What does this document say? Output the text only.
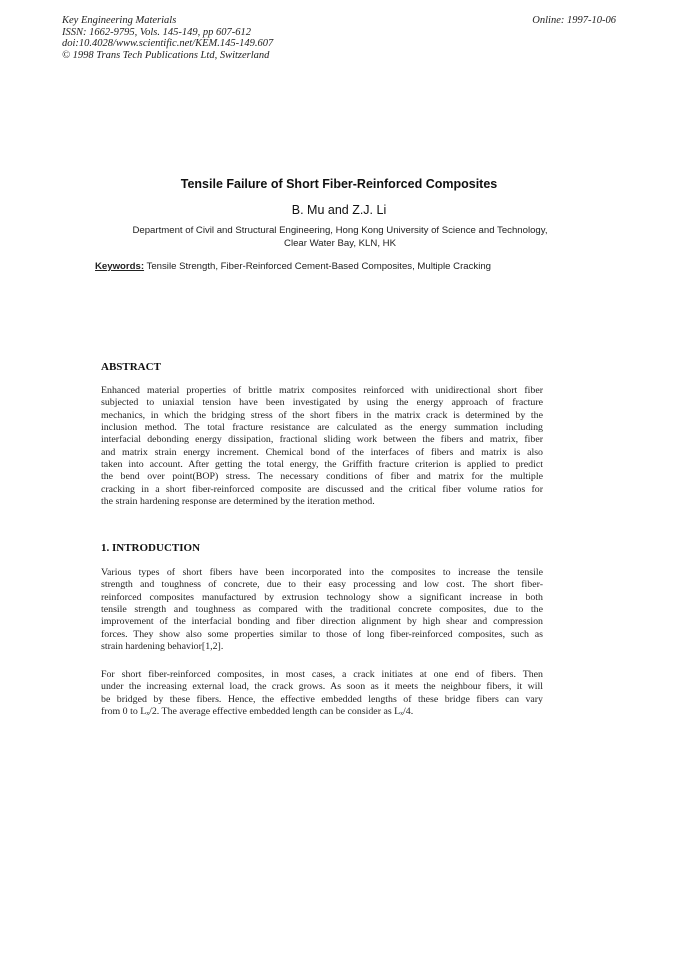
Key Engineering Materials
ISSN: 1662-9795, Vols. 145-149, pp 607-612
doi:10.4028/www.scientific.net/KEM.145-149.607
© 1998 Trans Tech Publications Ltd, Switzerland
Online: 1997-10-06
Tensile Failure of Short Fiber-Reinforced Composites
B. Mu and Z.J. Li
Department of Civil and Structural Engineering, Hong Kong University of Science and Technology,
Clear Water Bay, KLN, HK
Keywords: Tensile Strength, Fiber-Reinforced Cement-Based Composites, Multiple Cracking
ABSTRACT
Enhanced material properties of brittle matrix composites reinforced with unidirectional short fiber
subjected to uniaxial tension have been investigated by using the energy approach of fracture
mechanics, in which the bridging stress of the short fibers in the matrix crack is determined by the
inclusion method. The total fracture resistance are calculated as the energy summation including
interfacial debonding energy dissipation, fractional sliding work between the fibers and matrix, fiber
and matrix strain energy increment. Chemical bond of the interfaces of fibers and matrix is also
taken into account. After getting the total energy, the Griffith fracture criterion is applied to predict
the bend over point(BOP) stress. The necessary conditions of fiber and matrix for the multiple
cracking in a short fiber-reinforced composite are discussed and the critical fiber volume ratios for
the strain hardening response are determined by the iteration method.
1. INTRODUCTION
Various types of short fibers have been incorporated into the composites to increase the tensile
strength and toughness of concrete, due to their easy processing and low cost. The short fiber-
reinforced composites manufactured by extrusion technology show a significant increase in both
tensile strength and toughness as compared with the traditional concrete composites, due to the
improvement of the interfacial bonding and fiber direction alignment by high shear and compression
forces. They show also some properties similar to those of long fiber-reinforced composites, such as
strain hardening behavior[1,2].
For short fiber-reinforced composites, in most cases, a crack initiates at one end of fibers. Then
under the increasing external load, the crack grows. As soon as it meets the neighbour fibers, it will
be bridged by these fibers. Hence, the effective embedded lengths of these bridge fibers can vary
from 0 to Lₓ/2. The average effective embedded length can be consider as Lₓ/4.
